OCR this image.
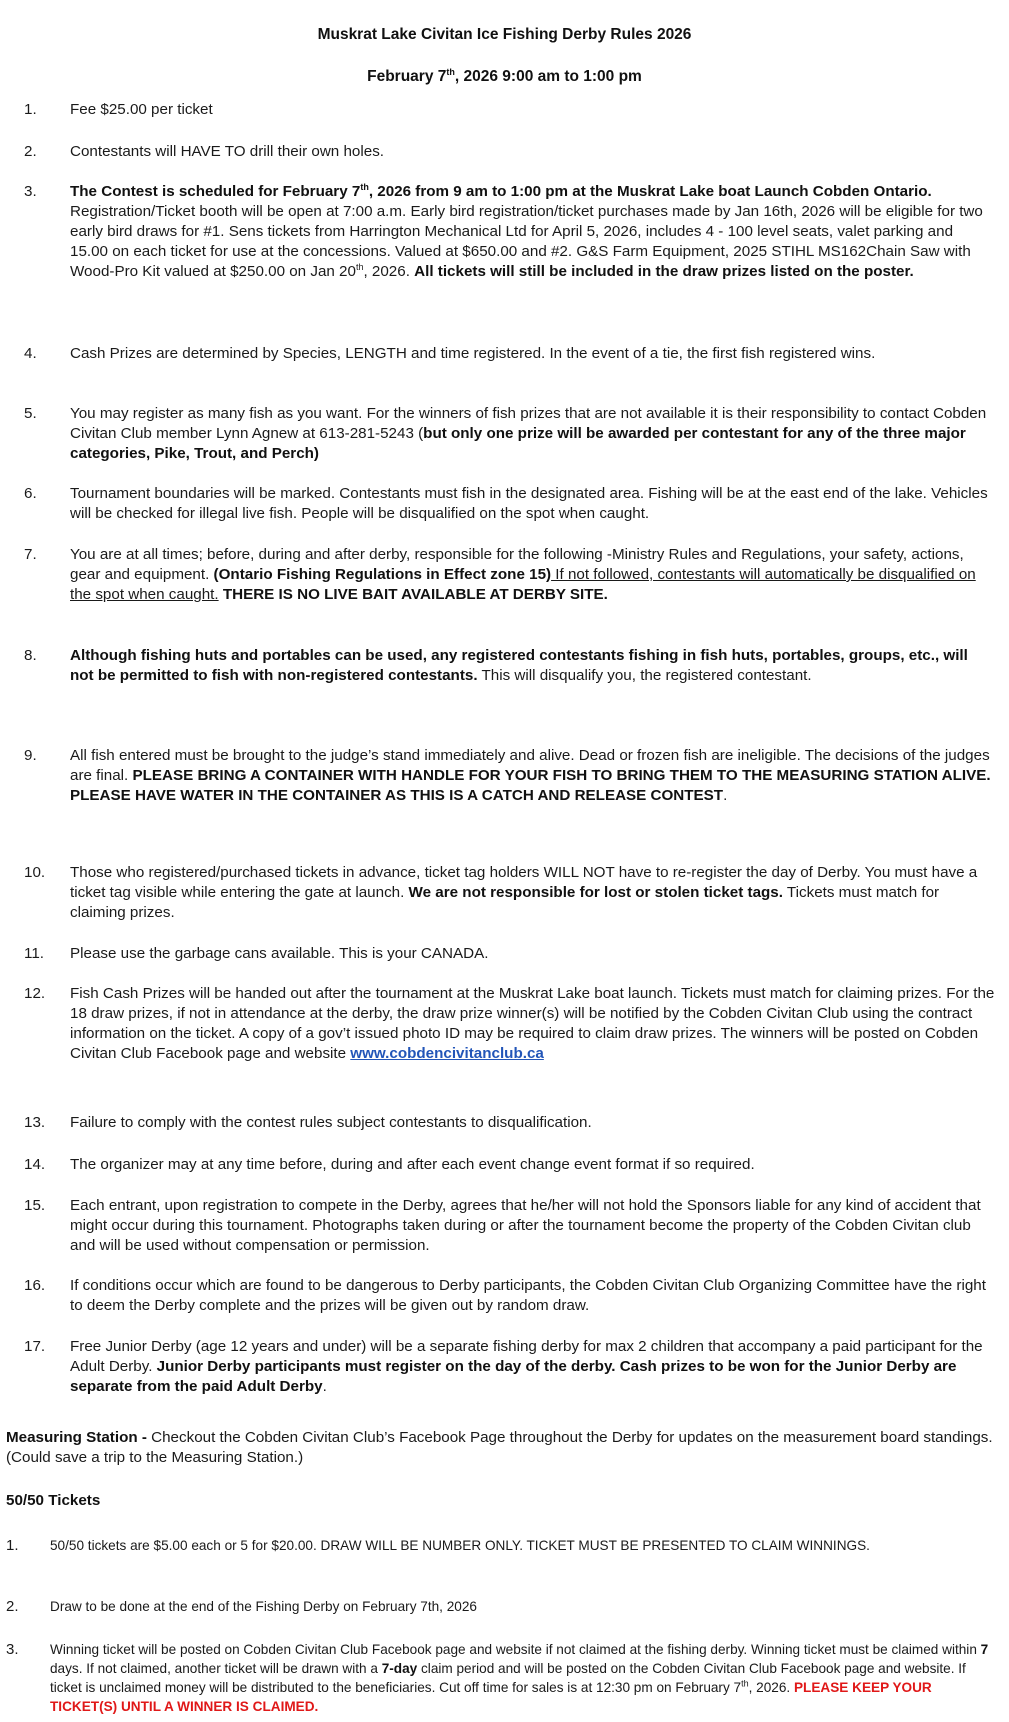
Muskrat Lake Civitan Ice Fishing Derby Rules 2026
February 7th, 2026 9:00 am to 1:00 pm
1.	Fee $25.00 per ticket
2.	Contestants will HAVE TO drill their own holes.
3.	The Contest is scheduled for February 7th, 2026 from 9 am to 1:00 pm at the Muskrat Lake boat Launch Cobden Ontario. Registration/Ticket booth will be open at 7:00 a.m. Early bird registration/ticket purchases made by Jan 16th, 2026 will be eligible for two early bird draws for #1. Sens tickets from Harrington Mechanical Ltd for April 5, 2026, includes 4 - 100 level seats, valet parking and 15.00 on each ticket for use at the concessions. Valued at $650.00 and #2. G&S Farm Equipment, 2025 STIHL MS162Chain Saw with Wood-Pro Kit valued at $250.00 on Jan 20th, 2026. All tickets will still be included in the draw prizes listed on the poster.
4.	Cash Prizes are determined by Species, LENGTH and time registered. In the event of a tie, the first fish registered wins.
5.	You may register as many fish as you want. For the winners of fish prizes that are not available it is their responsibility to contact Cobden Civitan Club member Lynn Agnew at 613-281-5243 (but only one prize will be awarded per contestant for any of the three major categories, Pike, Trout, and Perch)
6.	Tournament boundaries will be marked. Contestants must fish in the designated area. Fishing will be at the east end of the lake. Vehicles will be checked for illegal live fish. People will be disqualified on the spot when caught.
7.	You are at all times; before, during and after derby, responsible for the following -Ministry Rules and Regulations, your safety, actions, gear and equipment. (Ontario Fishing Regulations in Effect zone 15) If not followed, contestants will automatically be disqualified on the spot when caught. THERE IS NO LIVE BAIT AVAILABLE AT DERBY SITE.
8.	Although fishing huts and portables can be used, any registered contestants fishing in fish huts, portables, groups, etc., will not be permitted to fish with non-registered contestants. This will disqualify you, the registered contestant.
9.	All fish entered must be brought to the judge’s stand immediately and alive. Dead or frozen fish are ineligible. The decisions of the judges are final. PLEASE BRING A CONTAINER WITH HANDLE FOR YOUR FISH TO BRING THEM TO THE MEASURING STATION ALIVE. PLEASE HAVE WATER IN THE CONTAINER AS THIS IS A CATCH AND RELEASE CONTEST.
10.	Those who registered/purchased tickets in advance, ticket tag holders WILL NOT have to re-register the day of Derby. You must have a ticket tag visible while entering the gate at launch. We are not responsible for lost or stolen ticket tags. Tickets must match for claiming prizes.
11.	Please use the garbage cans available. This is your CANADA.
12.	Fish Cash Prizes will be handed out after the tournament at the Muskrat Lake boat launch. Tickets must match for claiming prizes. For the 18 draw prizes, if not in attendance at the derby, the draw prize winner(s) will be notified by the Cobden Civitan Club using the contract information on the ticket. A copy of a gov’t issued photo ID may be required to claim draw prizes. The winners will be posted on Cobden Civitan Club Facebook page and website www.cobdencivitanclub.ca
13.	Failure to comply with the contest rules subject contestants to disqualification.
14.	The organizer may at any time before, during and after each event change event format if so required.
15.	Each entrant, upon registration to compete in the Derby, agrees that he/her will not hold the Sponsors liable for any kind of accident that might occur during this tournament. Photographs taken during or after the tournament become the property of the Cobden Civitan club and will be used without compensation or permission.
16.	If conditions occur which are found to be dangerous to Derby participants, the Cobden Civitan Club Organizing Committee have the right to deem the Derby complete and the prizes will be given out by random draw.
17.	Free Junior Derby (age 12 years and under) will be a separate fishing derby for max 2 children that accompany a paid participant for the Adult Derby. Junior Derby participants must register on the day of the derby. Cash prizes to be won for the Junior Derby are separate from the paid Adult Derby.
Measuring Station - Checkout the Cobden Civitan Club’s Facebook Page throughout the Derby for updates on the measurement board standings. (Could save a trip to the Measuring Station.)
50/50 Tickets
1.	50/50 tickets are $5.00 each or 5 for $20.00. DRAW WILL BE NUMBER ONLY. TICKET MUST BE PRESENTED TO CLAIM WINNINGS.
2.	Draw to be done at the end of the Fishing Derby on February 7th, 2026
3.	Winning ticket will be posted on Cobden Civitan Club Facebook page and website if not claimed at the fishing derby. Winning ticket must be claimed within 7 days. If not claimed, another ticket will be drawn with a 7-day claim period and will be posted on the Cobden Civitan Club Facebook page and website. If ticket is unclaimed money will be distributed to the beneficiaries. Cut off time for sales is at 12:30 pm on February 7th, 2026. PLEASE KEEP YOUR TICKET(S) UNTIL A WINNER IS CLAIMED.
